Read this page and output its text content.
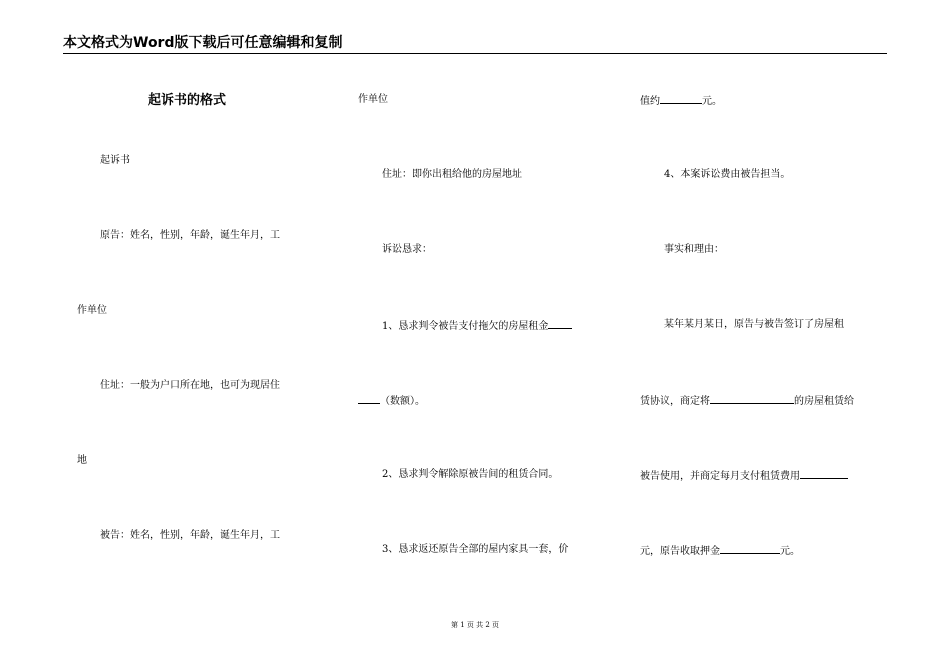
本文格式为Word版下载后可任意编辑和复制
起诉书的格式
起诉书
原告：姓名，性别，年龄，诞生年月，工
作单位
住址：一般为户口所在地，也可为现居住
地
被告：姓名，性别，年龄，诞生年月，工
作单位
住址：即你出租给他的房屋地址
诉讼恳求：
1、恳求判令被告支付拖欠的房屋租金
（数额）。
2、恳求判令解除原被告间的租赁合同。
3、恳求返还原告全部的屋内家具一套，价
值约	元。
4、本案诉讼费由被告担当。
事实和理由：
某年某月某日，原告与被告签订了房屋租
赁协议，商定将	的房屋租赁给
被告使用，并商定每月支付租赁费用
元，原告收取押金	元。
第 1 页 共 2 页
